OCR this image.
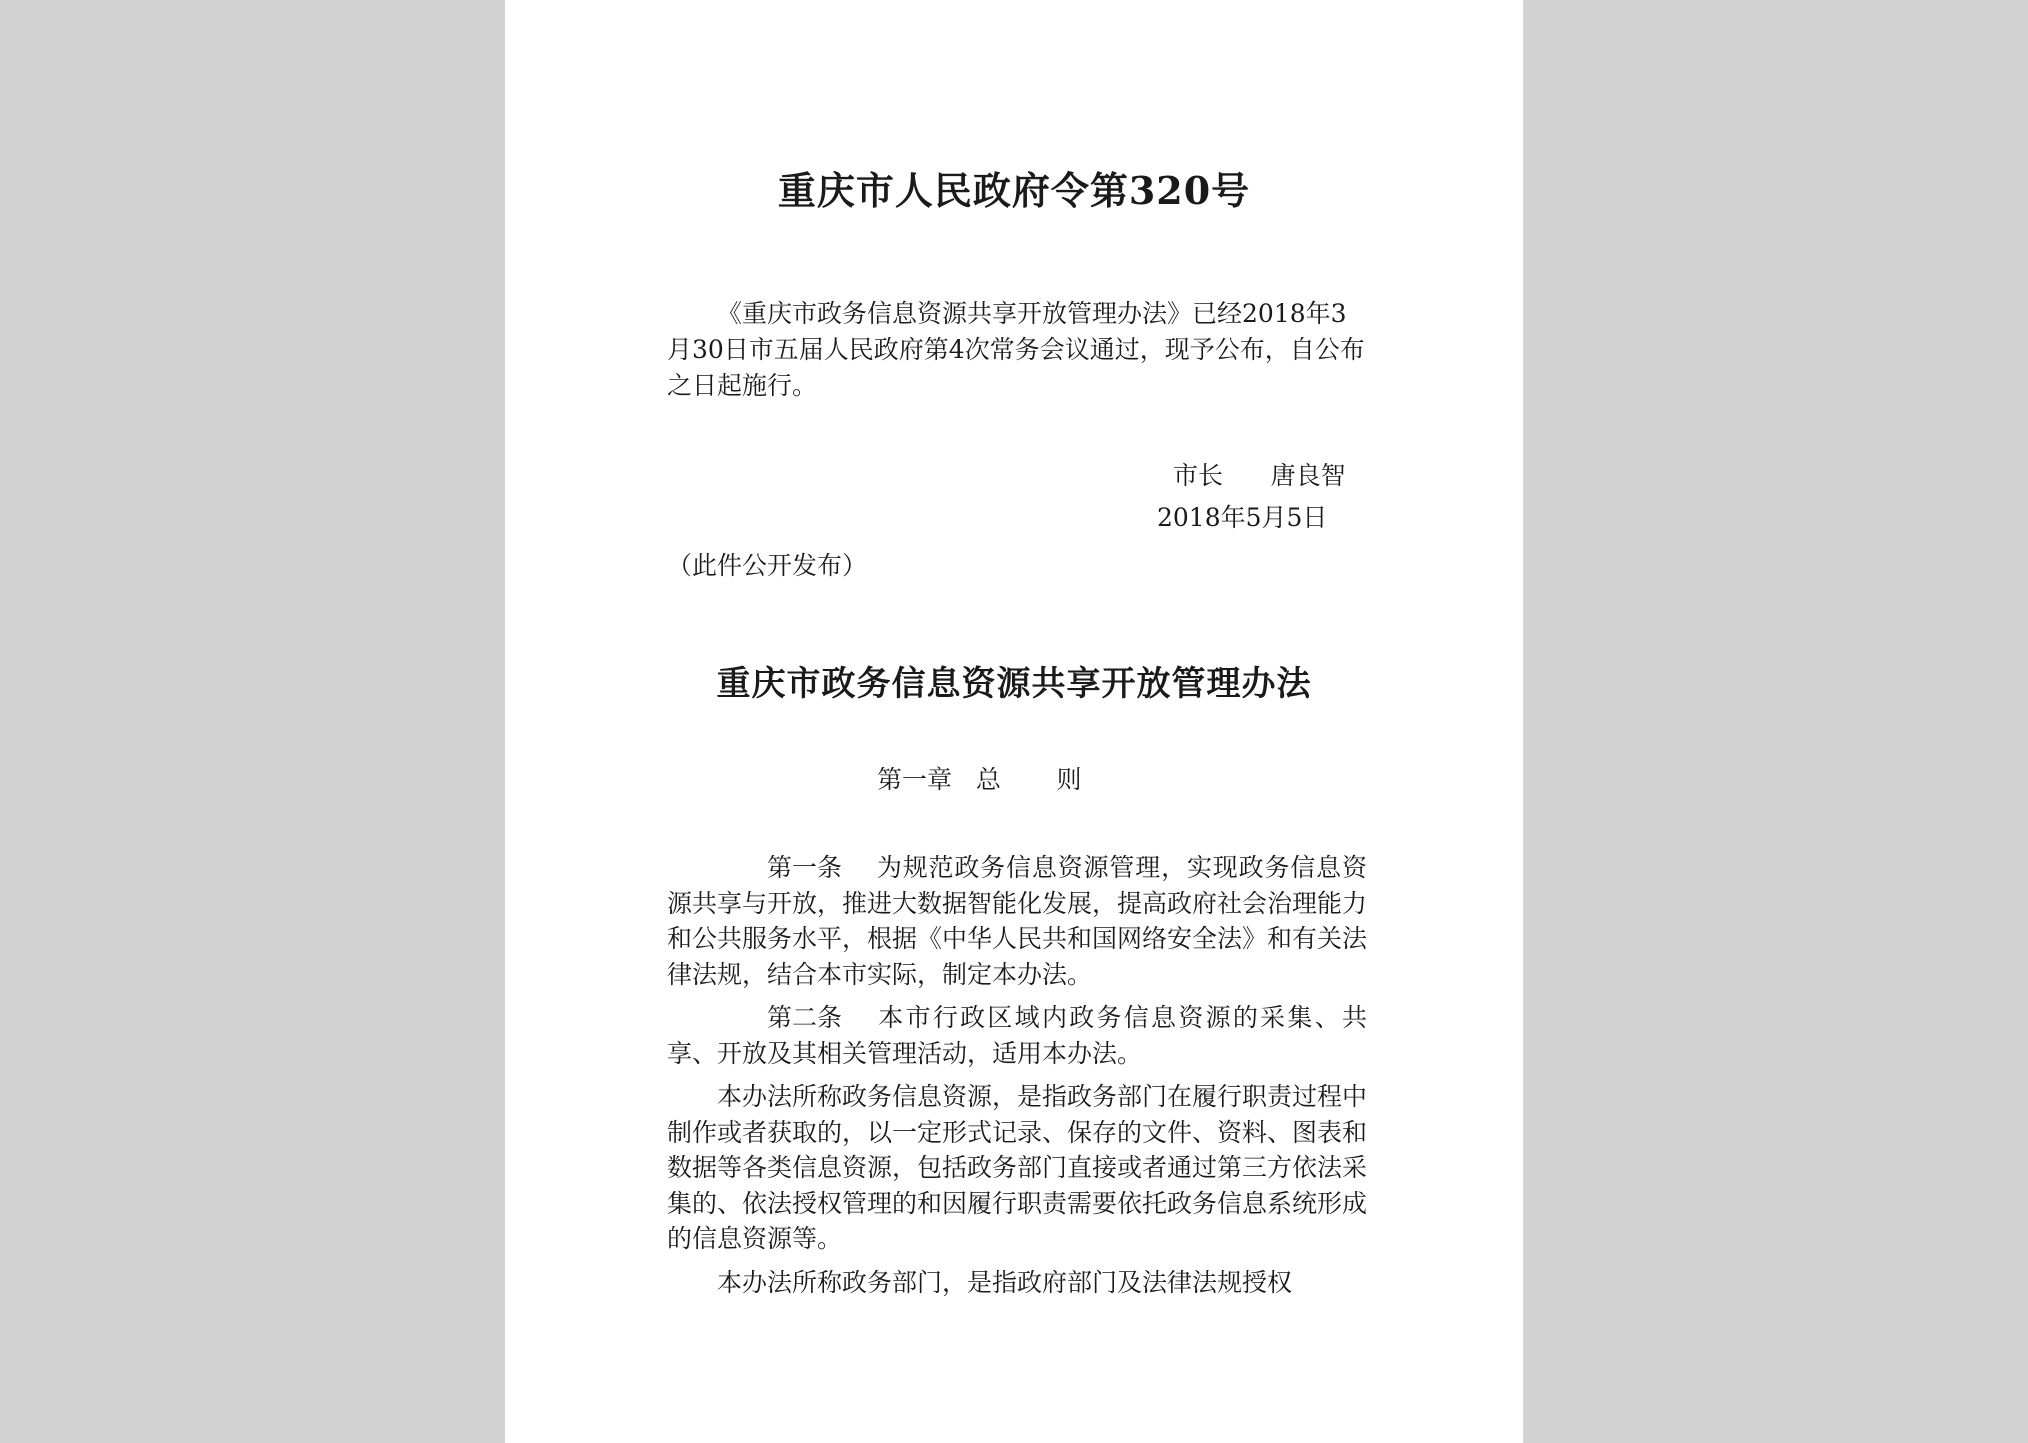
重庆市人民政府令第320号
《重庆市政务信息资源共享开放管理办法》已经2018年3月30日市五届人民政府第4次常务会议通过，现予公布，自公布之日起施行。
市长      唐良智
2018年5月5日
（此件公开发布）
重庆市政务信息资源共享开放管理办法
第一章   总       则

第一条 为规范政务信息资源管理，实现政务信息资源共享与开放，推进大数据智能化发展，提高政府社会治理能力和公共服务水平，根据《中华人民共和国网络安全法》和有关法律法规，结合本市实际，制定本办法。

第二条 本市行政区域内政务信息资源的采集、共享、开放及其相关管理活动，适用本办法。

本办法所称政务信息资源，是指政务部门在履行职责过程中制作或者获取的，以一定形式记录、保存的文件、资料、图表和数据等各类信息资源，包括政务部门直接或者通过第三方依法采集的、依法授权管理的和因履行职责需要依托政务信息系统形成的信息资源等。

本办法所称政务部门，是指政府部门及法律法规授权
